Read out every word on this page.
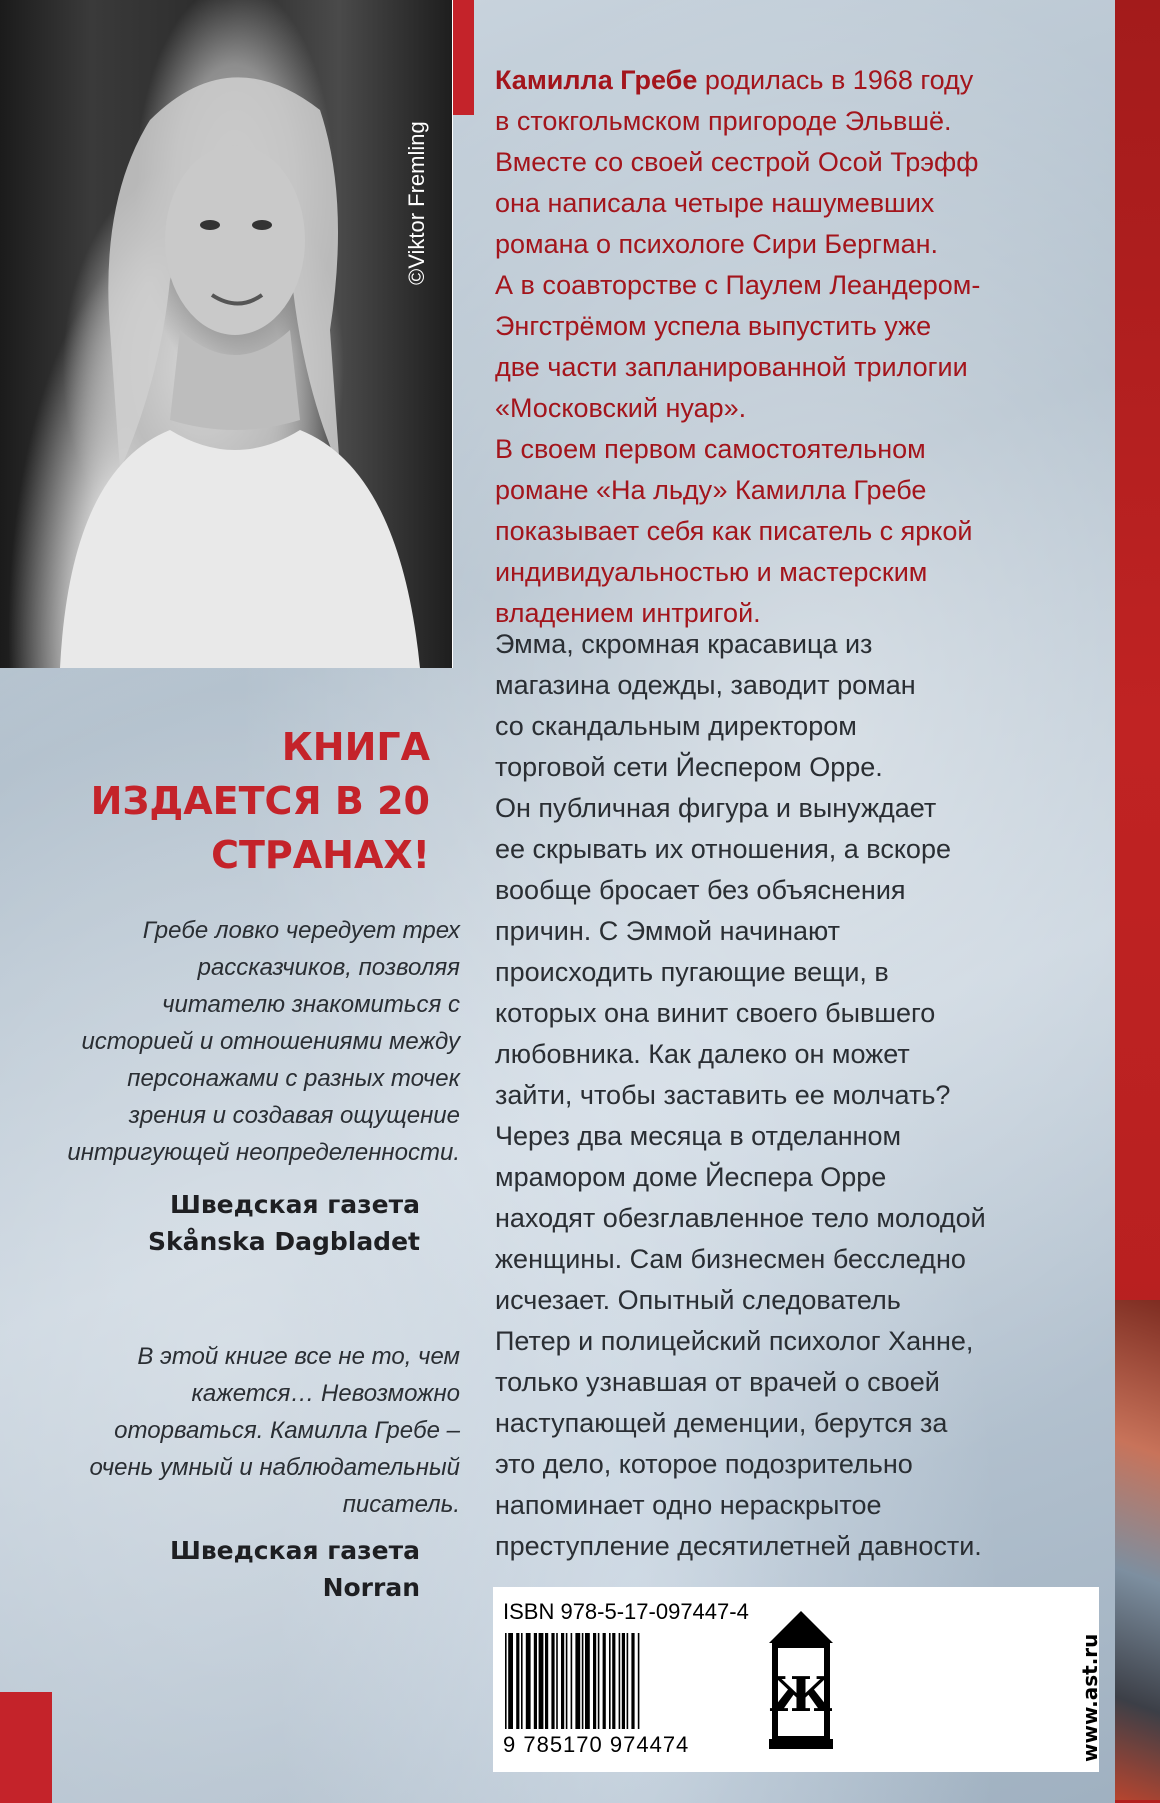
©Viktor Fremling
Камилла Гребе родилась в 1968 году
в стокгольмском пригороде Эльвшё.
Вместе со своей сестрой Осой Трэфф
она написала четыре нашумевших
романа о психологе Сири Бергман.
А в соавторстве с Паулем Леандером-
Энгстрёмом успела выпустить уже
две части запланированной трилогии
«Московский нуар».
В своем первом самостоятельном
романе «На льду» Камилла Гребе
показывает себя как писатель с яркой
индивидуальностью и мастерским
владением интригой.
Эмма, скромная красавица из
магазина одежды, заводит роман
со скандальным директором
торговой сети Йеспером Орре.
Он публичная фигура и вынуждает
ее скрывать их отношения, а вскоре
вообще бросает без объяснения
причин. С Эммой начинают
происходить пугающие вещи, в
которых она винит своего бывшего
любовника. Как далеко он может
зайти, чтобы заставить ее молчать?
Через два месяца в отделанном
мрамором доме Йеспера Орре
находят обезглавленное тело молодой
женщины. Сам бизнесмен бесследно
исчезает. Опытный следователь
Петер и полицейский психолог Ханне,
только узнавшая от врачей о своей
наступающей деменции, берутся за
это дело, которое подозрительно
напоминает одно нераскрытое
преступление десятилетней давности.
КНИГА
ИЗДАЕТСЯ В 20
СТРАНАХ!
Гребе ловко чередует трех
рассказчиков, позволяя
читателю знакомиться с
историей и отношениями между
персонажами с разных точек
зрения и создавая ощущение
интригующей неопределенности.
Шведская газета
Skånska Dagbladet
В этой книге все не то, чем
кажется… Невозможно
оторваться. Камилла Гребе –
очень умный и наблюдательный
писатель.
Шведская газета
Norran
ISBN 978-5-17-097447-4
9 785170 974474
Ж	www.ast.ru
